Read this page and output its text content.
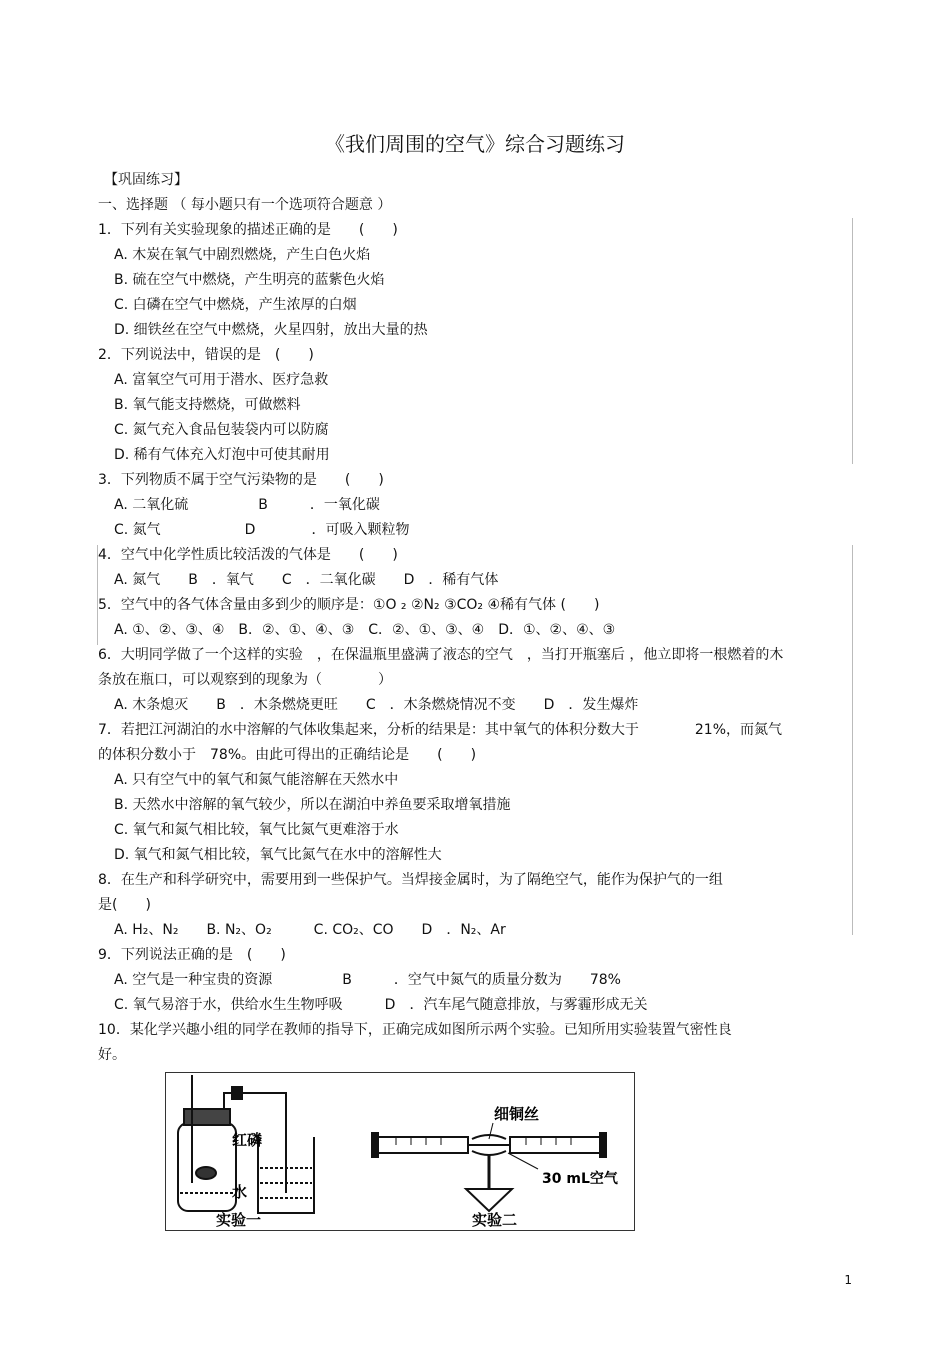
《我们周围的空气》综合习题练习
【巩固练习】
一、选择题 （ 每小题只有一个选项符合题意 ）
1．下列有关实验现象的描述正确的是　　(　　)
A. 木炭在氧气中剧烈燃烧，产生白色火焰
B. 硫在空气中燃烧，产生明亮的蓝紫色火焰
C. 白磷在空气中燃烧，产生浓厚的白烟
D. 细铁丝在空气中燃烧，火星四射，放出大量的热
2．下列说法中，错误的是　(　　)
A. 富氧空气可用于潜水、医疗急救
B. 氧气能支持燃烧，可做燃料
C. 氮气充入食品包装袋内可以防腐
D. 稀有气体充入灯泡中可使其耐用
3．下列物质不属于空气污染物的是　　(　　)
A. 二氧化硫　　　　　B　　　．一氧化碳
C. 氮气　　　　　　D　　　　．可吸入颗粒物
4．空气中化学性质比较活泼的气体是　　(　　)
A. 氮气　　B　．氧气　　C　．二氧化碳　　D　．稀有气体
5．空气中的各气体含量由多到少的顺序是：①O ₂ ②N₂ ③CO₂ ④稀有气体 (　　)
A. ①、②、③、④　B．②、①、④、③　C．②、①、③、④　D．①、②、④、③
6．大明同学做了一个这样的实验　，在保温瓶里盛满了液态的空气　，当打开瓶塞后 ，他立即将一根燃着的木
条放在瓶口，可以观察到的现象为（　　　　）
A. 木条熄灭　　B　．木条燃烧更旺　　C　．木条燃烧情况不变　　D　．发生爆炸
7．若把江河湖泊的水中溶解的气体收集起来，分析的结果是：其中氧气的体积分数大于　　　　21%，而氮气
的体积分数小于　78%。由此可得出的正确结论是　　(　　)
A. 只有空气中的氧气和氮气能溶解在天然水中
B. 天然水中溶解的氧气较少，所以在湖泊中养鱼要采取增氧措施
C. 氧气和氮气相比较，氧气比氮气更难溶于水
D. 氧气和氮气相比较，氧气比氮气在水中的溶解性大
8．在生产和科学研究中，需要用到一些保护气。当焊接金属时，为了隔绝空气，能作为保护气的一组
是(　　)
A. H₂、N₂　　B. N₂、O₂　　　C. CO₂、CO　　D　．N₂、Ar
9．下列说法正确的是　(　　)
A. 空气是一种宝贵的资源　　　　　B　　　．空气中氮气的质量分数为　　78%
C. 氧气易溶于水，供给水生生物呼吸　　　D　．汽车尾气随意排放，与雾霾形成无关
10．某化学兴趣小组的同学在教师的指导下，正确完成如图所示两个实验。已知所用实验装置气密性良
好。
红磷
水
实验一
细铜丝
30 mL空气
实验二
1
